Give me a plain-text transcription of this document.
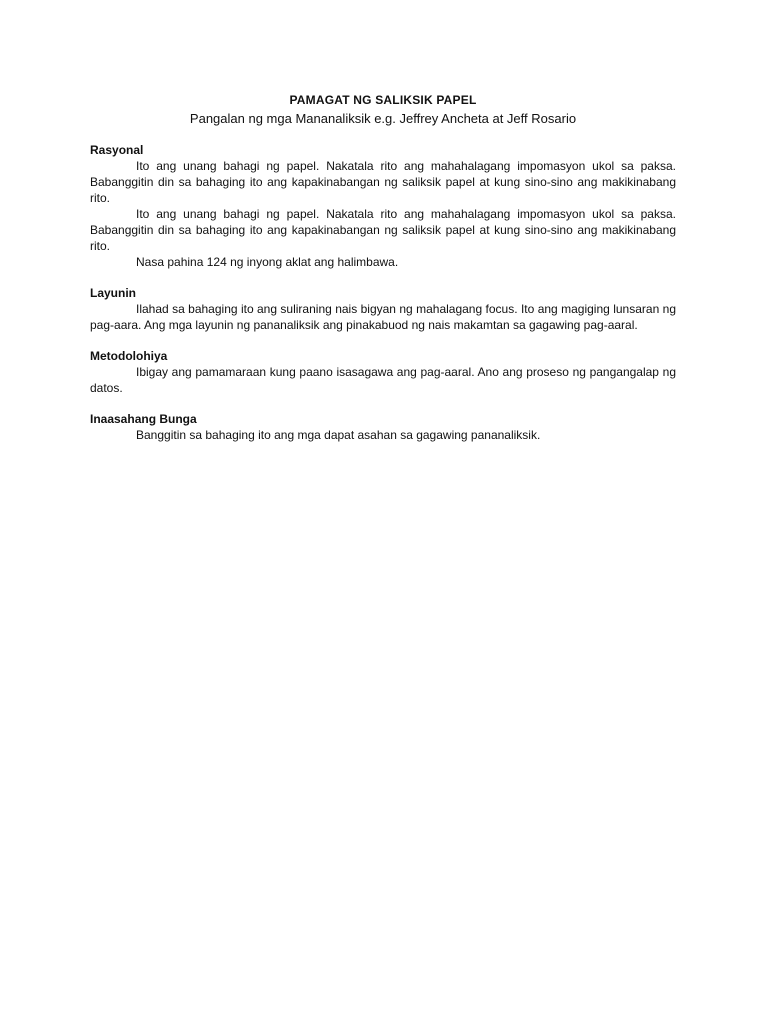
PAMAGAT NG SALIKSIK PAPEL
Pangalan ng mga Mananaliksik e.g. Jeffrey Ancheta at Jeff Rosario
Rasyonal

Ito ang unang bahagi ng papel. Nakatala rito ang mahahalagang impomasyon ukol sa paksa. Babanggitin din sa bahaging ito ang kapakinabangan ng saliksik papel at kung sino-sino ang makikinabang rito.

Ito ang unang bahagi ng papel. Nakatala rito ang mahahalagang impomasyon ukol sa paksa. Babanggitin din sa bahaging ito ang kapakinabangan ng saliksik papel at kung sino-sino ang makikinabang rito.

Nasa pahina 124 ng inyong aklat ang halimbawa.

Layunin

Ilahad sa bahaging ito ang suliraning nais bigyan ng mahalagang focus. Ito ang magiging lunsaran ng pag-aara. Ang mga layunin ng pananaliksik ang pinakabuod ng nais makamtan sa gagawing pag-aaral.

Metodolohiya

Ibigay ang pamamaraan kung paano isasagawa ang pag-aaral. Ano ang proseso ng pangangalap ng datos.

Inaasahang Bunga

Banggitin sa bahaging ito ang mga dapat asahan sa gagawing pananaliksik.
